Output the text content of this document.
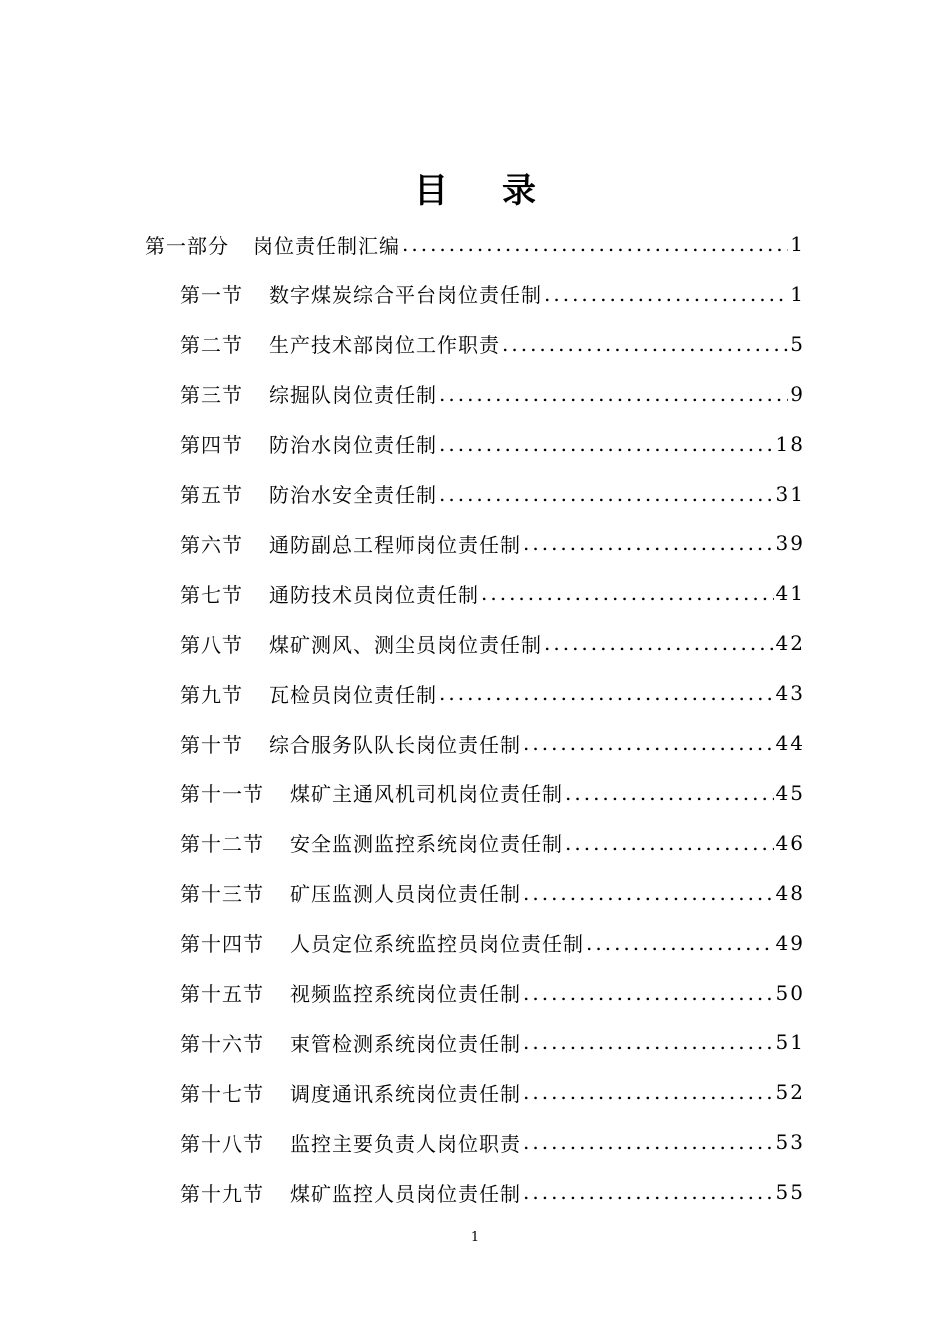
目 录
第一部分 岗位责任制汇编 .....	1
第一节 数字煤炭综合平台岗位责任制 .....	1
第二节 生产技术部岗位工作职责 .....	5
第三节 综掘队岗位责任制 .....	9
第四节 防治水岗位责任制 .....	18
第五节 防治水安全责任制 .....	31
第六节 通防副总工程师岗位责任制 .....	39
第七节 通防技术员岗位责任制 .....	41
第八节 煤矿测风、测尘员岗位责任制 .....	42
第九节 瓦检员岗位责任制 .....	43
第十节 综合服务队队长岗位责任制 .....	44
第十一节 煤矿主通风机司机岗位责任制 .....	45
第十二节 安全监测监控系统岗位责任制 .....	46
第十三节 矿压监测人员岗位责任制 .....	48
第十四节 人员定位系统监控员岗位责任制 .....	49
第十五节 视频监控系统岗位责任制 .....	50
第十六节 束管检测系统岗位责任制 .....	51
第十七节 调度通讯系统岗位责任制 .....	52
第十八节 监控主要负责人岗位职责 .....	53
第十九节 煤矿监控人员岗位责任制 .....	55
1
